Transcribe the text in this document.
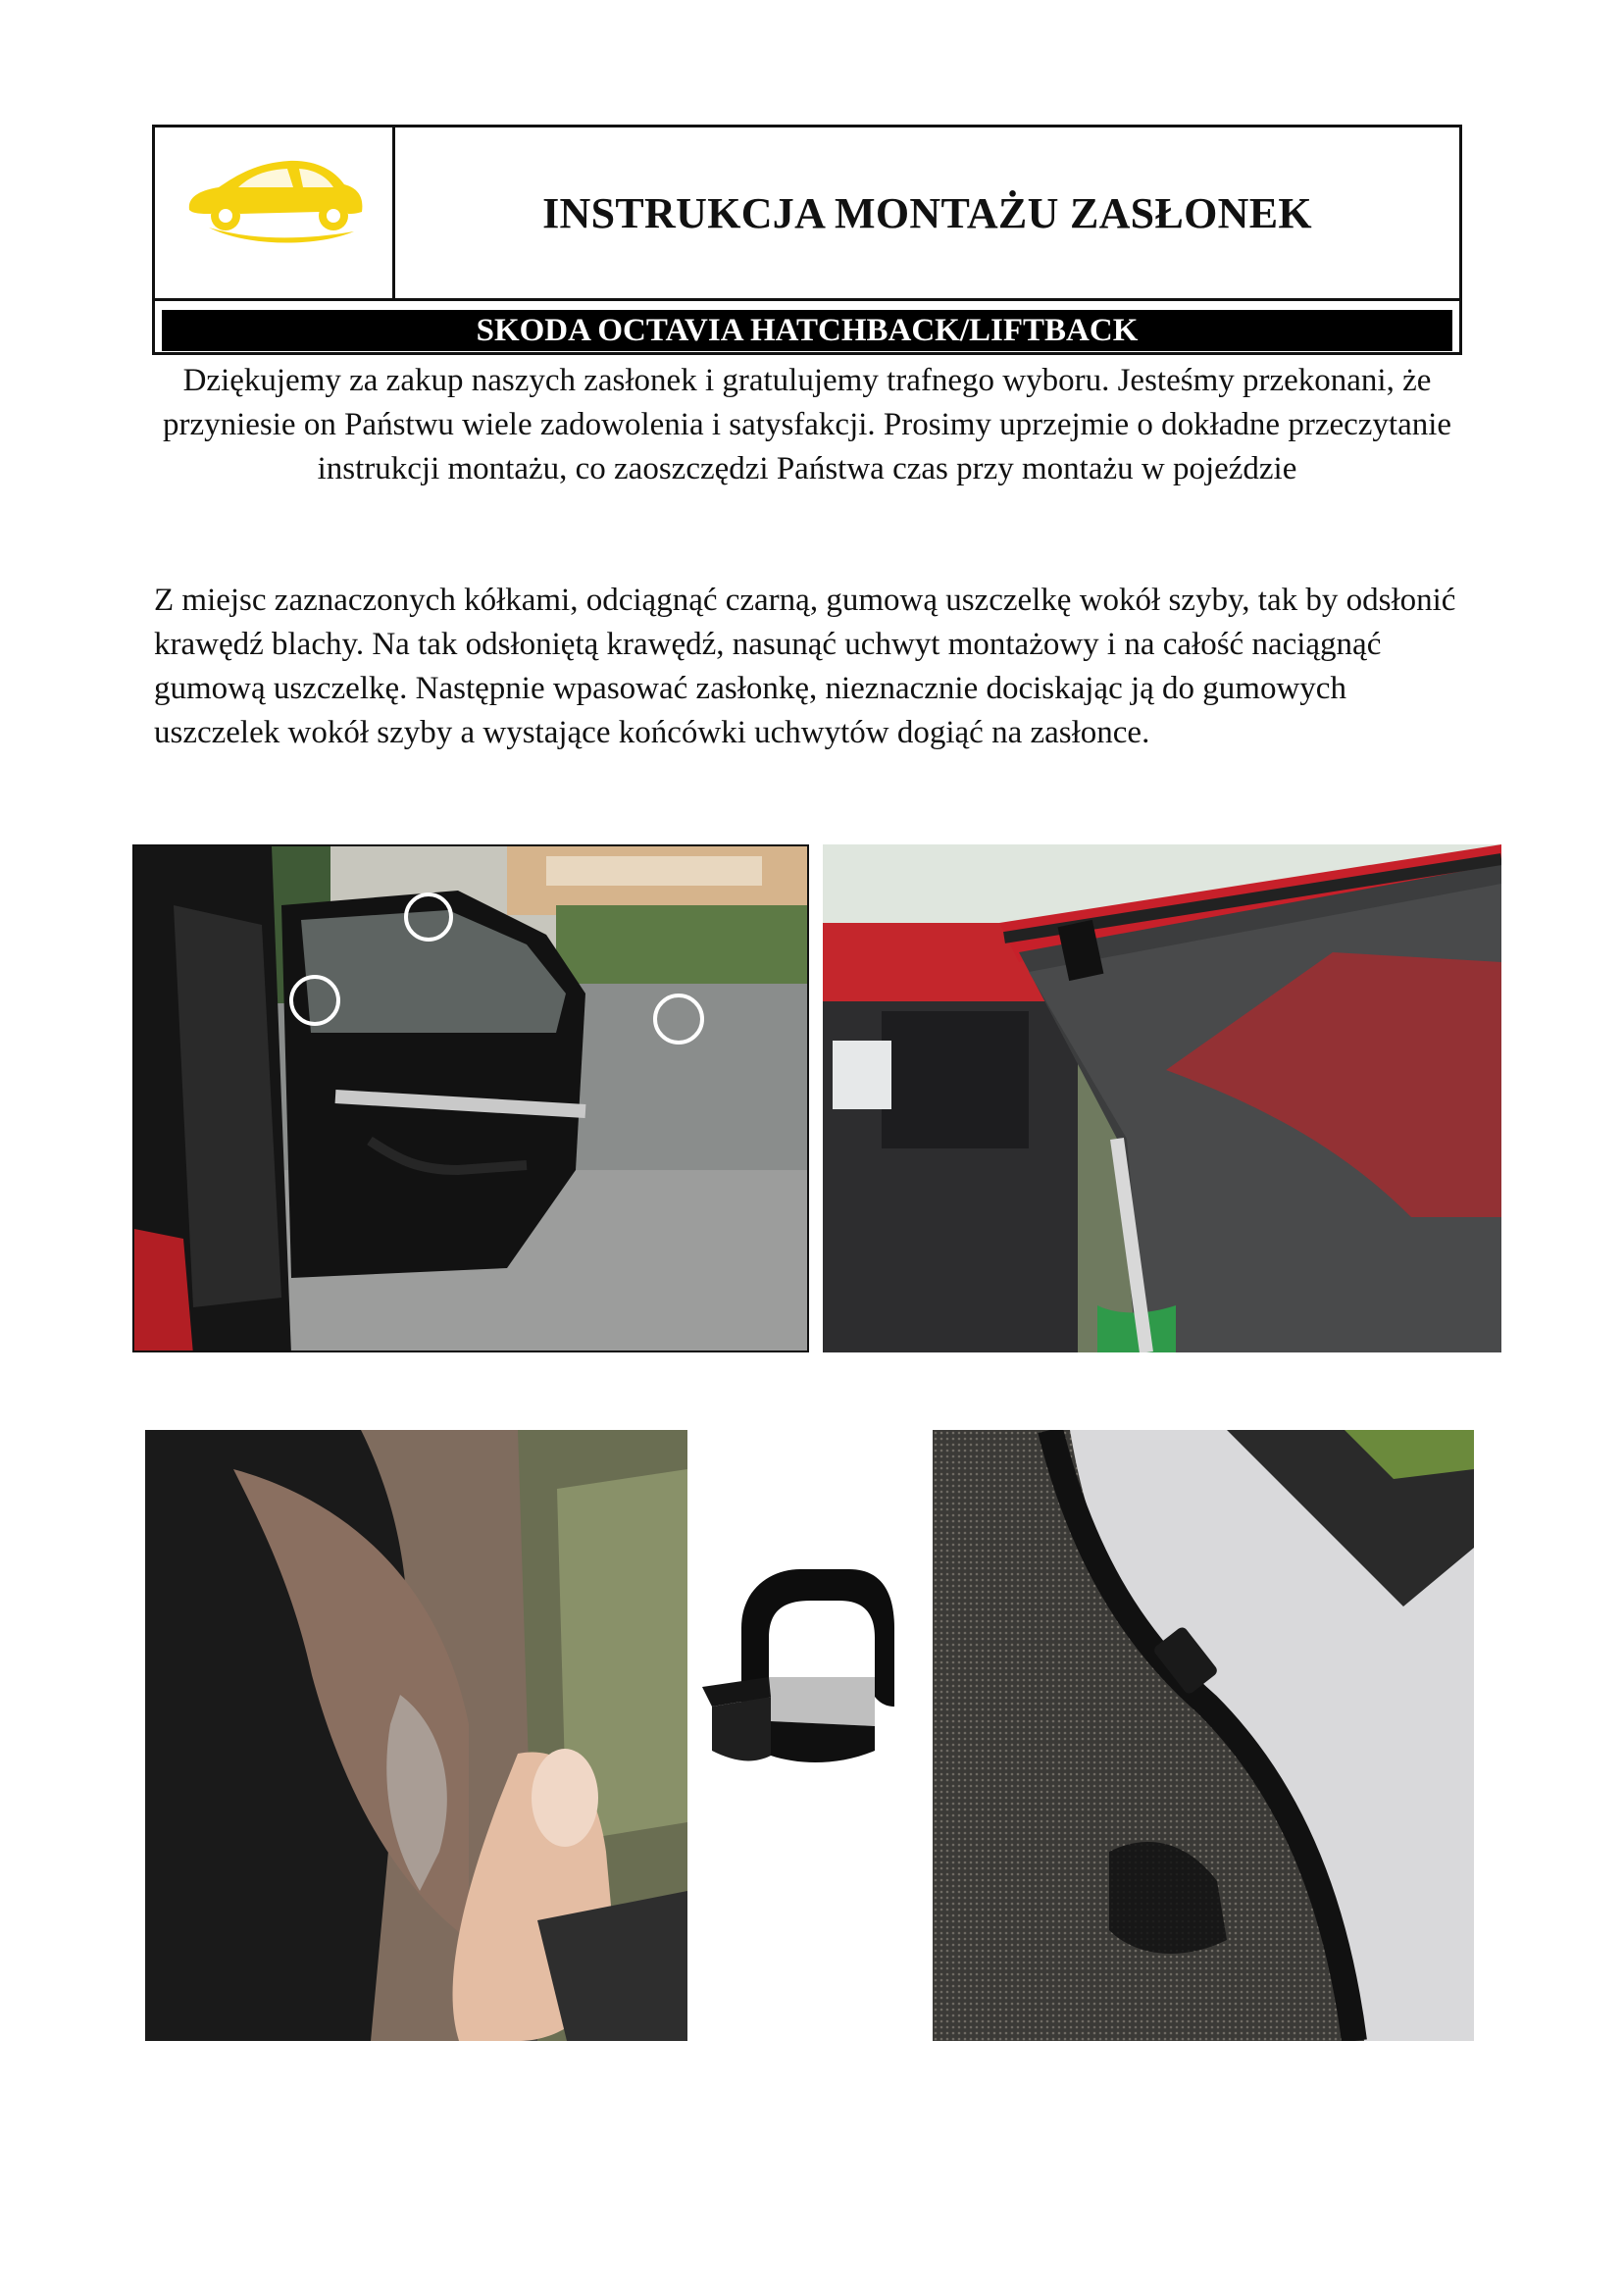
INSTRUKCJA MONTAŻU ZASŁONEK
SKODA OCTAVIA HATCHBACK/LIFTBACK

Dziękujemy za zakup naszych zasłonek i gratulujemy trafnego wyboru. Jesteśmy przekonani, że przyniesie on Państwu wiele zadowolenia i satysfakcji. Prosimy uprzejmie o dokładne przeczytanie instrukcji montażu, co zaoszczędzi Państwa czas przy montażu w pojeździe

Z miejsc zaznaczonych kółkami, odciągnąć czarną, gumową uszczelkę wokół szyby, tak by odsłonić krawędź blachy. Na tak odsłoniętą krawędź, nasunąć uchwyt montażowy i na całość naciągnąć gumową uszczelkę. Następnie wpasować zasłonkę, nieznacznie dociskając ją do gumowych uszczelek wokół szyby a wystające końcówki uchwytów dogiąć na zasłonce.
